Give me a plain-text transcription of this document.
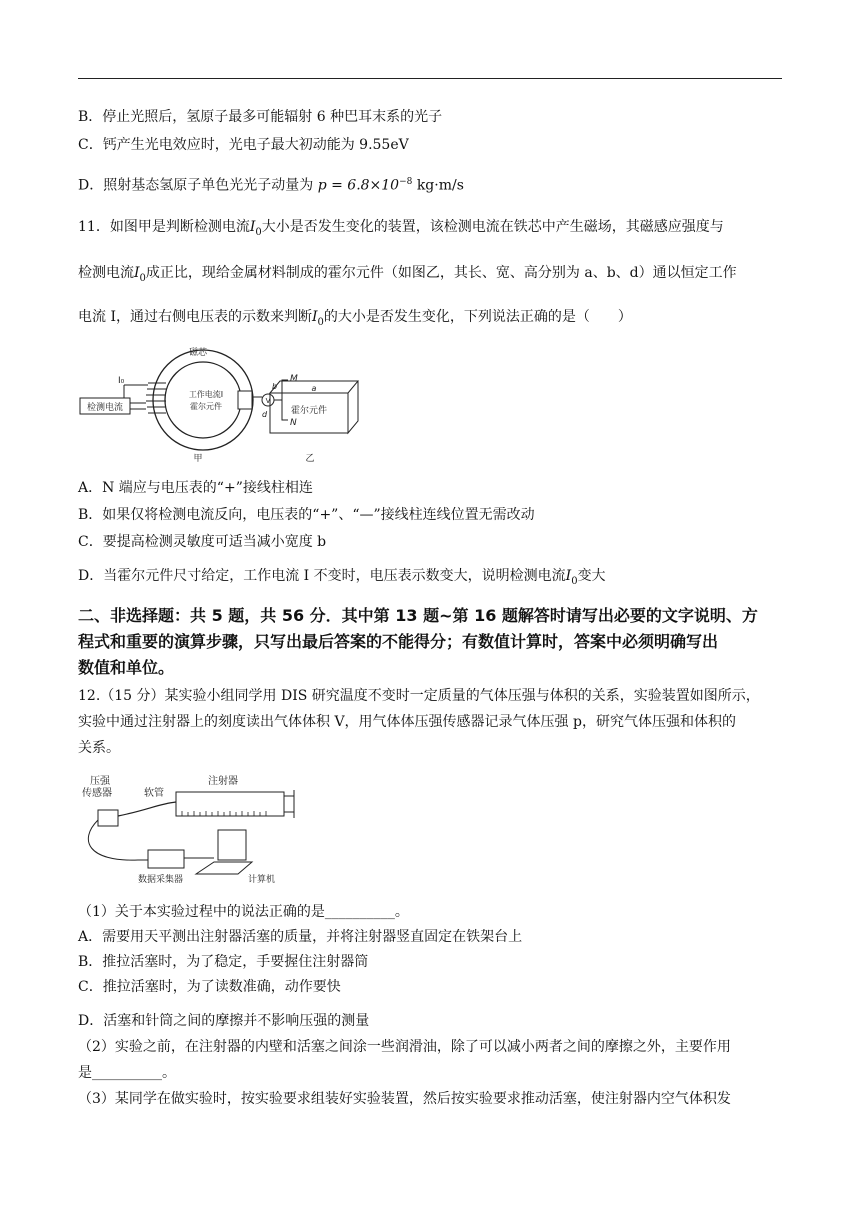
B．停止光照后，氢原子最多可能辐射 6 种巴耳末系的光子
C．钙产生光电效应时，光电子最大初动能为 9.55eV
D．照射基态氢原子单色光光子动量为 $p = 6.8\times 10^{-8}$ kg·m/s
11．如图甲是判断检测电流$I_0$大小是否发生变化的装置，该检测电流在铁芯中产生磁场，其磁感应强度与
检测电流$I_0$成正比，现给金属材料制成的霍尔元件（如图乙，其长、宽、高分别为 a、b、d）通以恒定工作
电流 I，通过右侧电压表的示数来判断$I_0$的大小是否发生变化，下列说法正确的是（　　）
检测电流
I₀
磁芯
工作电流I
霍尔元件
V
M
N
甲
霍尔元件
a
b
d
乙
A．N 端应与电压表的“+”接线柱相连
B．如果仅将检测电流反向，电压表的“+”、“—”接线柱连线位置无需改动
C．要提高检测灵敏度可适当减小宽度 b
D．当霍尔元件尺寸给定，工作电流 I 不变时，电压表示数变大，说明检测电流$I_0$变大
二、非选择题：共 5 题，共 56 分．其中第 13 题~第 16 题解答时请写出必要的文字说明、方
程式和重要的演算步骤，只写出最后答案的不能得分；有数值计算时，答案中必须明确写出
数值和单位。
12.（15 分）某实验小组同学用 DIS 研究温度不变时一定质量的气体压强与体积的关系，实验装置如图所示，
实验中通过注射器上的刻度读出气体体积 V，用气体体压强传感器记录气体压强 p，研究气体压强和体积的
关系。
压强
传感器	软管
注射器
数据采集器	计算机
（1）关于本实验过程中的说法正确的是__________。
A．需要用天平测出注射器活塞的质量，并将注射器竖直固定在铁架台上
B．推拉活塞时，为了稳定，手要握住注射器筒
C．推拉活塞时，为了读数准确，动作要快
D．活塞和针筒之间的摩擦并不影响压强的测量
（2）实验之前，在注射器的内壁和活塞之间涂一些润滑油，除了可以减小两者之间的摩擦之外，主要作用
是__________。
（3）某同学在做实验时，按实验要求组装好实验装置，然后按实验要求推动活塞，使注射器内空气体积发
